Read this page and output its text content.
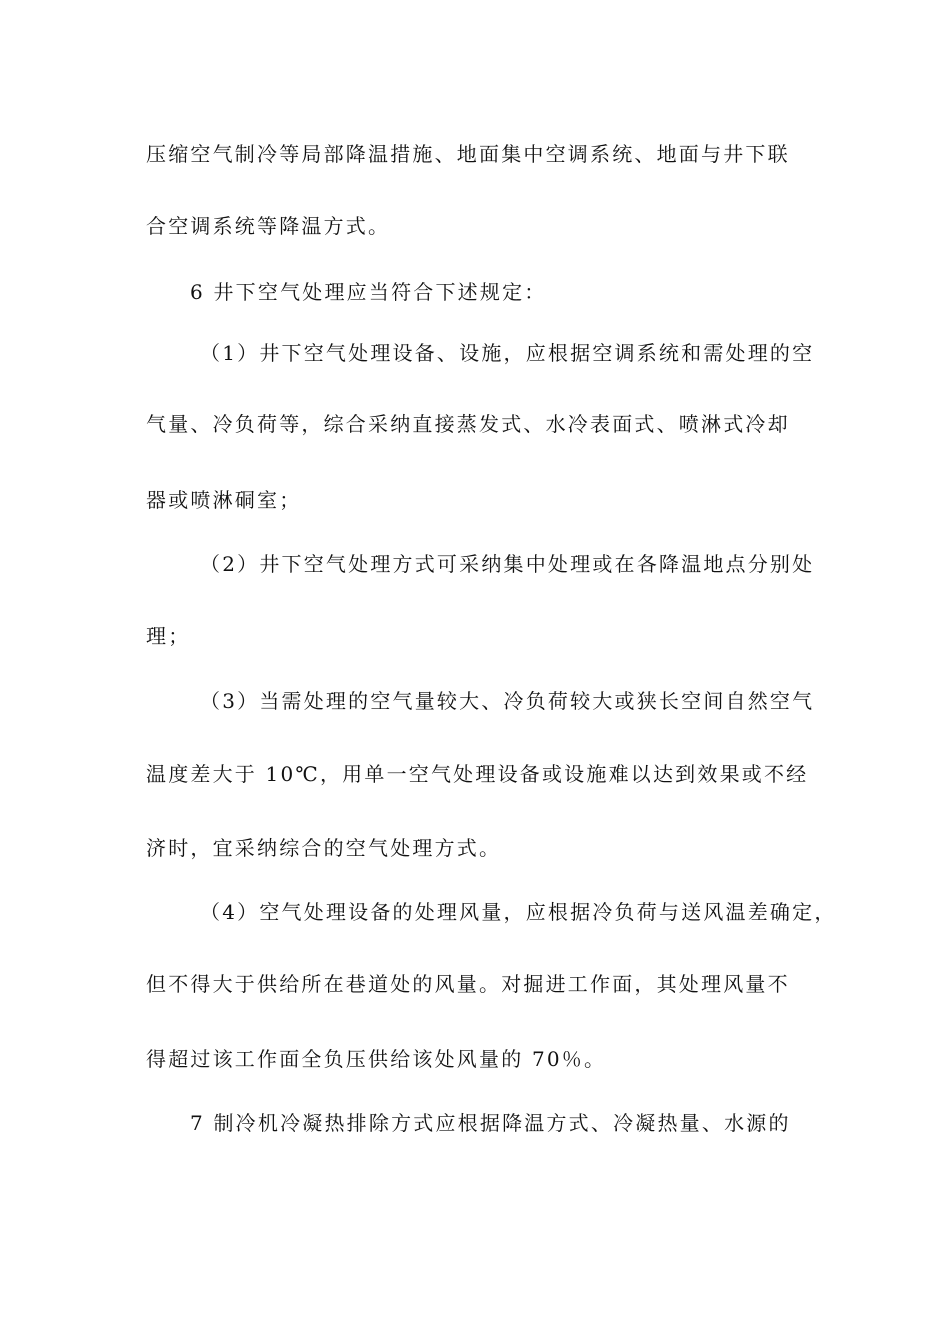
压缩空气制冷等局部降温措施、地面集中空调系统、地面与井下联
合空调系统等降温方式。
6 井下空气处理应当符合下述规定：
（1）井下空气处理设备、设施，应根据空调系统和需处理的空
气量、冷负荷等，综合采纳直接蒸发式、水冷表面式、喷淋式冷却
器或喷淋硐室；
（2）井下空气处理方式可采纳集中处理或在各降温地点分别处
理；
（3）当需处理的空气量较大、冷负荷较大或狭长空间自然空气
温度差大于 10℃，用单一空气处理设备或设施难以达到效果或不经
济时，宜采纳综合的空气处理方式。
（4）空气处理设备的处理风量，应根据冷负荷与送风温差确定，
但不得大于供给所在巷道处的风量。对掘进工作面，其处理风量不
得超过该工作面全负压供给该处风量的 70％。
7 制冷机冷凝热排除方式应根据降温方式、冷凝热量、水源的
